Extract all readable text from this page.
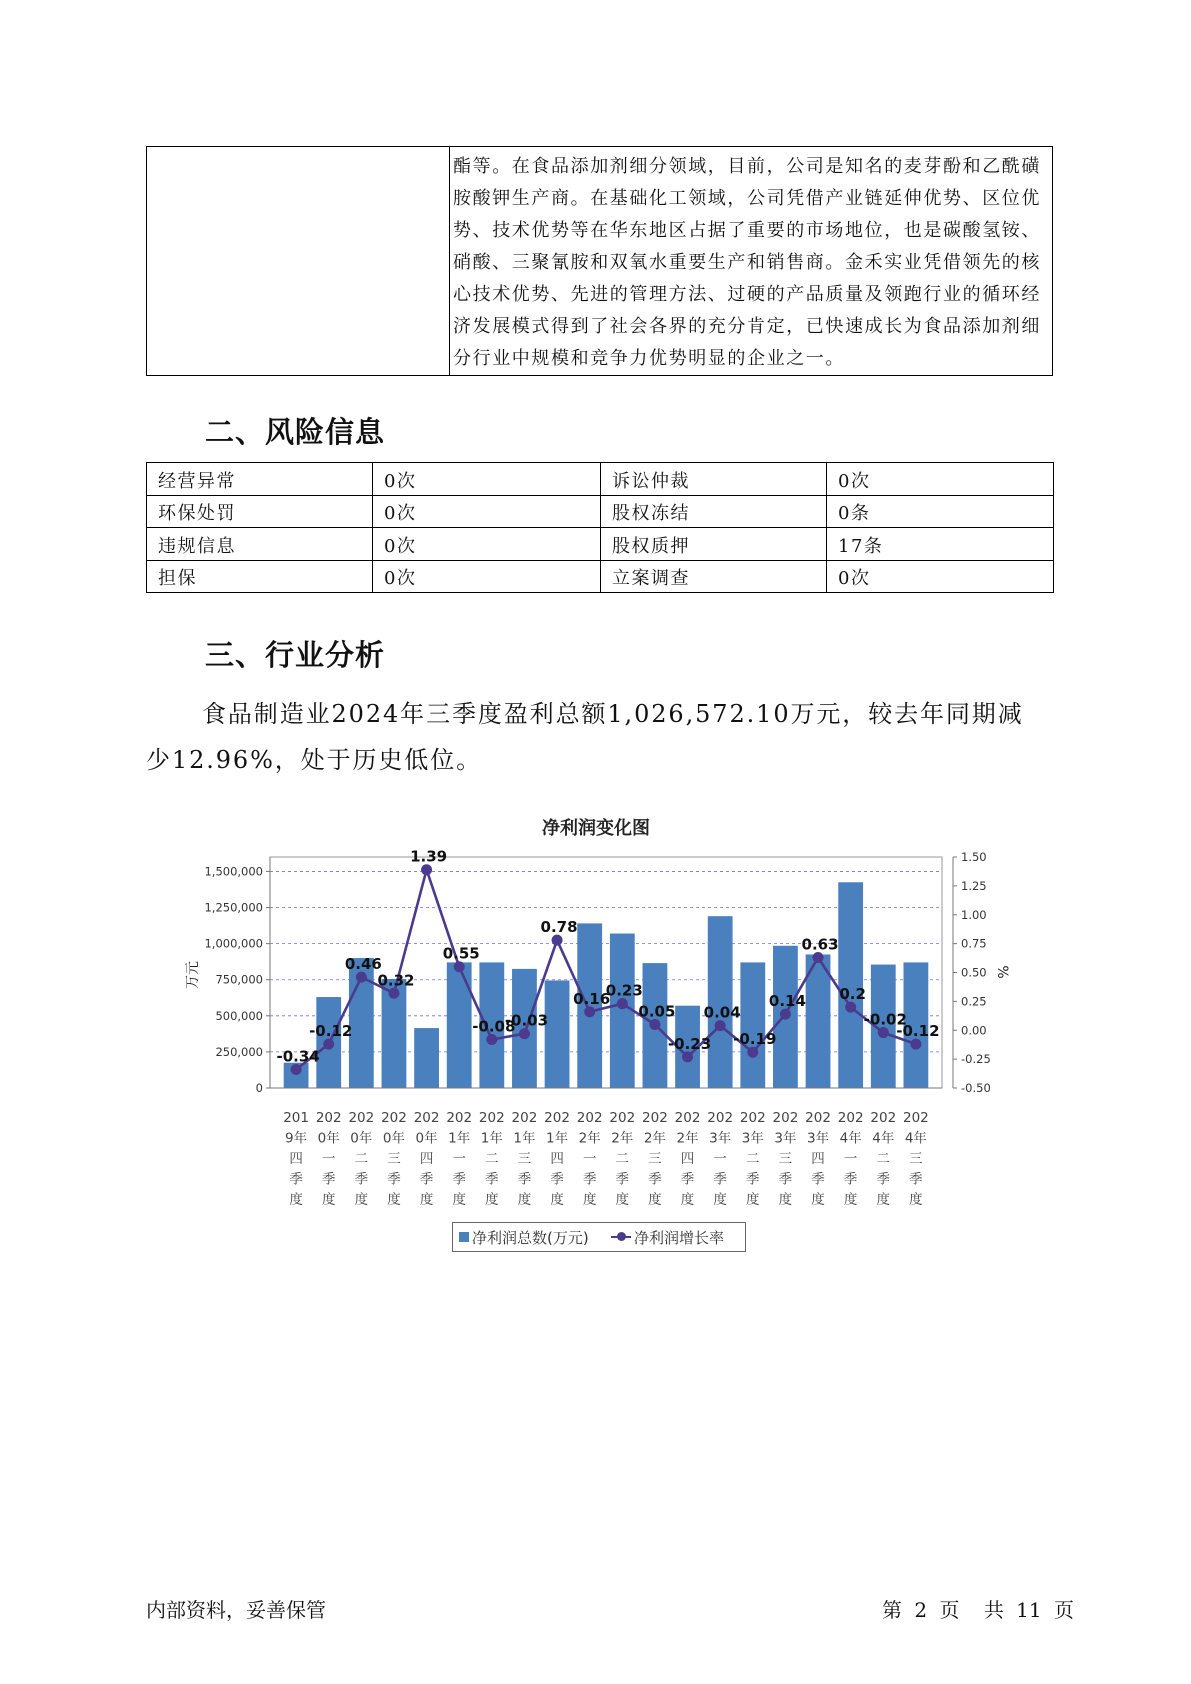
酯等。在食品添加剂细分领域，目前，公司是知名的麦芽酚和乙酰磺
胺酸钾生产商。在基础化工领域，公司凭借产业链延伸优势、区位优
势、技术优势等在华东地区占据了重要的市场地位，也是碳酸氢铵、
硝酸、三聚氰胺和双氧水重要生产和销售商。金禾实业凭借领先的核
心技术优势、先进的管理方法、过硬的产品质量及领跑行业的循环经
济发展模式得到了社会各界的充分肯定，已快速成长为食品添加剂细
分行业中规模和竞争力优势明显的企业之一。
二、风险信息
经营异常	0次	诉讼仲裁	0次
环保处罚	0次	股权冻结	0条
违规信息	0次	股权质押	17条
担保	0次	立案调查	0次
三、行业分析
食品制造业2024年三季度盈利总额1,026,572.10万元，较去年同期减
少12.96%，处于历史低位。
净利润变化图
0
250,000
500,000
750,000
1,000,000
1,250,000
1,500,000
-0.50
-0.25
0.00
0.25
0.50
0.75
1.00
1.25
1.50
201
9年
四
季
度
202
0年
一
季
度
202
0年
二
季
度
202
0年
三
季
度
202
0年
四
季
度
202
1年
一
季
度
202
1年
二
季
度
202
1年
三
季
度
202
1年
四
季
度
202
2年
一
季
度
202
2年
二
季
度
202
2年
三
季
度
202
2年
四
季
度
202
3年
一
季
度
202
3年
二
季
度
202
3年
三
季
度
202
3年
四
季
度
202
4年
一
季
度
202
4年
二
季
度
202
4年
三
季
度
-0.34
-0.12
0.46
0.32
1.39
0.55
-0.08
-0.03
0.78
0.16
0.23
0.05
-0.23
0.04
-0.19
0.14
0.63
0.2
-0.02
-0.12
万元	%
净利润总数(万元)	净利润增长率
内部资料，妥善保管	第 2 页 共 11 页
